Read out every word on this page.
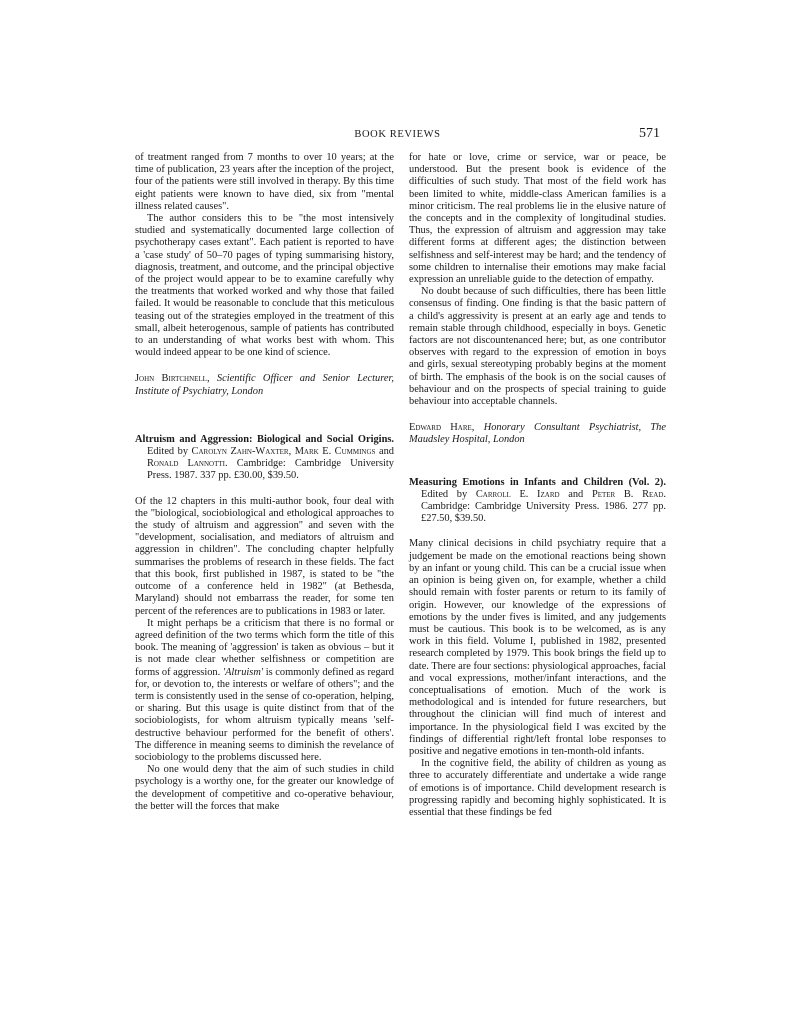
BOOK REVIEWS	571

of treatment ranged from 7 months to over 10 years; at the time of publication, 23 years after the inception of the project, four of the patients were still involved in therapy. By this time eight patients were known to have died, six from "mental illness related causes".

The author considers this to be "the most intensively studied and systematically documented large collection of psychotherapy cases extant". Each patient is reported to have a 'case study' of 50–70 pages of typing summarising history, diagnosis, treatment, and outcome, and the principal objective of the project would appear to be to examine carefully why the treatments that worked worked and why those that failed failed. It would be reasonable to conclude that this meticulous teasing out of the strategies employed in the treatment of this small, albeit heterogenous, sample of patients has contributed to an understanding of what works best with whom. This would indeed appear to be one kind of science.

John Birtchnell, Scientific Officer and Senior Lecturer, Institute of Psychiatry, London

Altruism and Aggression: Biological and Social Origins. Edited by Carolyn Zahn-Waxter, Mark E. Cummings and Ronald Lannotti. Cambridge: Cambridge University Press. 1987. 337 pp. £30.00, $39.50.

Of the 12 chapters in this multi-author book, four deal with the "biological, sociobiological and ethological approaches to the study of altruism and aggression" and seven with the "development, socialisation, and mediators of altruism and aggression in children". The concluding chapter helpfully summarises the problems of research in these fields. The fact that this book, first published in 1987, is stated to be "the outcome of a conference held in 1982" (at Bethesda, Maryland) should not embarrass the reader, for some ten percent of the references are to publications in 1983 or later.

It might perhaps be a criticism that there is no formal or agreed definition of the two terms which form the title of this book. The meaning of 'aggression' is taken as obvious – but it is not made clear whether selfishness or competition are forms of aggression. 'Altruism' is commonly defined as regard for, or devotion to, the interests or welfare of others"; and the term is consistently used in the sense of co-operation, helping, or sharing. But this usage is quite distinct from that of the sociobiologists, for whom altruism typically means 'self-destructive behaviour performed for the benefit of others'. The difference in meaning seems to diminish the revelance of sociobiology to the problems discussed here.

No one would deny that the aim of such studies in child psychology is a worthy one, for the greater our knowledge of the development of competitive and co-operative behaviour, the better will the forces that make

for hate or love, crime or service, war or peace, be understood. But the present book is evidence of the difficulties of such study. That most of the field work has been limited to white, middle-class American families is a minor criticism. The real problems lie in the elusive nature of the concepts and in the complexity of longitudinal studies. Thus, the expression of altruism and aggression may take different forms at different ages; the distinction between selfishness and self-interest may be hard; and the tendency of some children to internalise their emotions may make facial expression an unreliable guide to the detection of empathy.

No doubt because of such difficulties, there has been little consensus of finding. One finding is that the basic pattern of a child's aggressivity is present at an early age and tends to remain stable through childhood, especially in boys. Genetic factors are not discountenanced here; but, as one contributor observes with regard to the expression of emotion in boys and girls, sexual stereotyping probably begins at the moment of birth. The emphasis of the book is on the social causes of behaviour and on the prospects of special training to guide behaviour into acceptable channels.

Edward Hare, Honorary Consultant Psychiatrist, The Maudsley Hospital, London

Measuring Emotions in Infants and Children (Vol. 2). Edited by Carroll E. Izard and Peter B. Read. Cambridge: Cambridge University Press. 1986. 277 pp. £27.50, $39.50.

Many clinical decisions in child psychiatry require that a judgement be made on the emotional reactions being shown by an infant or young child. This can be a crucial issue when an opinion is being given on, for example, whether a child should remain with foster parents or return to its family of origin. However, our knowledge of the expressions of emotions by the under fives is limited, and any judgements must be cautious. This book is to be welcomed, as is any work in this field. Volume I, published in 1982, presented research completed by 1979. This book brings the field up to date. There are four sections: physiological approaches, facial and vocal expressions, mother/infant interactions, and the conceptualisations of emotion. Much of the work is methodological and is intended for future researchers, but throughout the clinician will find much of interest and importance. In the physiological field I was excited by the findings of differential right/left frontal lobe responses to positive and negative emotions in ten-month-old infants.

In the cognitive field, the ability of children as young as three to accurately differentiate and undertake a wide range of emotions is of importance. Child development research is progressing rapidly and becoming highly sophisticated. It is essential that these findings be fed
